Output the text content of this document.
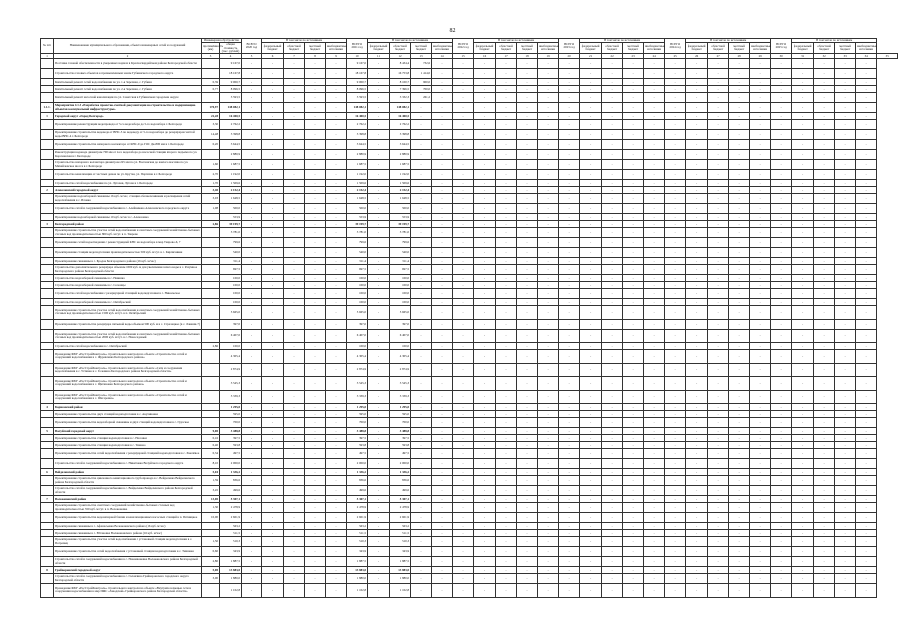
82
№ п/п	Наименование муниципального образования, объекта инженерных сетей и сооружений	Инженерная обустройства		ВСЕГО
2020 год	В том числе по источникам				ВСЕГО
2021 год	В том числе по источникам				ВСЕГО
2022 год	В том числе по источникам				ВСЕГО
2023 год	В том числе по источникам				ВСЕГО
2024 год	В том числе по источникам				ВСЕГО
2025 год	В том числе по источникам				
		протяжённость (км)	общая стоимость (тыс. рублей)																															
					федеральный бюджет	областной бюджет	местный бюджет	внебюджетные источники		федеральный бюджет	областной бюджет	местный бюджет	внебюджетные источники		федеральный бюджет	областной бюджет	местный бюджет	внебюджетные источники		федеральный бюджет	областной бюджет	местный бюджет	внебюджетные источники		федеральный бюджет	областной бюджет	местный бюджет	внебюджетные источники		федеральный бюджет	областной бюджет	местный бюджет	внебюджетные источники	
1	2	3	4	5	6	7	8	9	10	11	12	13	14	15	16	17	18	19	20	21	22	23	24	25	26	27	28	29	30	31	32	33	34	35
	Поставка газовой обеспеченности в умеренных нормах в Красногвардейском районе Белгородской области		9 167,0	-	-	-	-	-	9 167,0	-	8 434,4	732,6	-	-	-	-	-	-	-	-	-	-	-	-	-	-	-	-	-	-	-	-	-	
	Строительство газовых объектов к промышленным зонам Губкинского городского округа		18 167,8	-	-	-	-	-	18 167,8	-	16 753,8	1 414,0	-	-	-	-	-	-	-	-	-	-	-	-	-	-	-	-	-	-	-	-	-	
	Капитальный ремонт сетей водоснабжения по ул. 1-я Заречная, с. Губкин	0,39	9 000,7	-	-	-	-	-	9 000,7	-	8 100,7	900,0	-	-	-	-	-	-	-	-	-	-	-	-	-	-	-	-	-	-	-	-	-	
	Капитальный ремонт сетей водоснабжения по ул. 2-я Заречная, с. Губкин	0,77	8 096,5	-	-	-	-	-	8 096,5	-	7 396,5	700,0	-	-	-	-	-	-	-	-	-	-	-	-	-	-	-	-	-	-	-	-	-	
	Капитальный ремонт насосной канализации по ул. Советская в Губкинском городском округе		3 593,5	-	-	-	-	-	3 593,5	-	3 332,3	261,2	-	-	-	-	-	-	-	-	-	-	-	-	-	-	-	-	-	-	-	-	-	
1.1.1.	Мероприятие 4.1.3 «Разработка проектно-сметной документации на строительство и модернизацию объектов коммунальной инфраструктуры»	170,97	148 082,1	-	-	-	-	-	148 082,1	-	148 082,1	-	-	-	-	-	-	-	-	-	-	-	-	-	-	-	-	-	-	-	-	-	-	
1	Городской округ «Город Белгород»	22,28	16 400,5	-	-	-	-	-	16 400,5	-	16 400,5	-	-	-	-	-	-	-	-	-	-	-	-	-	-	-	-	-	-	-	-	-	-	
	Проектирование реконструкции водопровода от 5-го водозабора до 5-го водозабора г. Белгорода	3,30	2 762,2	-	-	-	-	-	2 762,2	-	2 762,2	-	-	-	-	-	-	-	-	-	-	-	-	-	-	-	-	-	-	-	-	-	-	
	Проектирование строительства водовода от ВНС-5 по водоводу от 5-го водозабора до резервуаров чистой воды ВНС-4 г. Белгорода	14,48	3 398,8	-	-	-	-	-	3 398,8	-	3 398,8	-	-	-	-	-	-	-	-	-	-	-	-	-	-	-	-	-	-	-	-	-	-	
	Проектирование строительства напорного коллектора от КНС-9 до ГОС Дк-800 мм в г. Белгороде	0,20	3 644,5	-	-	-	-	-	3 644,5	-	3 644,5	-	-	-	-	-	-	-	-	-	-	-	-	-	-	-	-	-	-	-	-	-	-	
	Реконструкция водовода диаметром 700 мм от 4-го водозабора до насосной станции второго подъема по ул. Корочанская в г. Белгороде		2 880,9	-	-	-	-	-	2 880,9	-	2 880,9	-	-	-	-	-	-	-	-	-	-	-	-	-	-	-	-	-	-	-	-	-	-	
	Строительство напорного коллектора диаметром 225 мм по ул. Волчанская до жилого массива по ул. Михайловское шоссе в г. Белгороде	1,60	1 687,5	-	-	-	-	-	1 687,5	-	1 687,5	-	-	-	-	-	-	-	-	-	-	-	-	-	-	-	-	-	-	-	-	-	-	
	Строительство канализации от частных домов по ул. Крутая, ул. Партизан в г. Белгороде	2,70	1 192,0	-	-	-	-	-	1 192,0	-	1 192,0	-	-	-	-	-	-	-	-	-	-	-	-	-	-	-	-	-	-	-	-	-	-	
	Строительство сетей водоснабжения по ул. Луговая, Лугова в г. Белгороде	1,70	1 509,6	-	-	-	-	-	1 509,6	-	1 509,6	-	-	-	-	-	-	-	-	-	-	-	-	-	-	-	-	-	-	-	-	-	-	
2	Алексеевский городской округ	3,40	2 152,4	-	-	-	-	-	2 152,4	-	2 152,4	-	-	-	-	-	-	-	-	-	-	-	-	-	-	-	-	-	-	-	-	-	-	
	Проектирование водозаборной скважины 16 куб. м/час, станции обезжелезивания и расширения сетей водоснабжения в с. Иловка	3,03	1 648,5	-	-	-	-	-	1 648,5	-	1 648,5	-	-	-	-	-	-	-	-	-	-	-	-	-	-	-	-	-	-	-	-	-	-	
	Строительство сетей и сооружений водоснабжения в с. Алейниково Алексеевского городского округа	1,08	500,0	-	-	-	-	-	500,0	-	500,0	-	-	-	-	-	-	-	-	-	-	-	-	-	-	-	-	-	-	-	-	-	-	
	Проектирование водозаборной скважины 10 куб. м/час в с. Алексеевка		553,9	-	-	-	-	-	553,9	-	553,9	-	-	-	-	-	-	-	-	-	-	-	-	-	-	-	-	-	-	-	-	-	-	
3	Белгородский район	2,86	39 199,7	-	-	-	-	-	39 199,7	-	39 199,7	-	-	-	-	-	-	-	-	-	-	-	-	-	-	-	-	-	-	-	-	-	-	
	Проектирование строительства участка сетей водоснабжения и очистных сооружений хозяйственно-бытовых сточных вод производительностью 800 куб. м/сут. в п. Таврово		3 781,0	-	-	-	-	-	3 781,0	-	3 781,0	-	-	-	-	-	-	-	-	-	-	-	-	-	-	-	-	-	-	-	-	-	-	
	Проектирование сетей водоотведения с реконструкцией КНС на водозаборе в мкр Таврово-6, 7		799,6	-	-	-	-	-	799,6	-	799,6	-	-	-	-	-	-	-	-	-	-	-	-	-	-	-	-	-	-	-	-	-	-	
	Проектирование станции водоподготовки производительностью 500 куб. м/сут. в с. Кирпичники		540,0	-	-	-	-	-	540,0	-	540,0	-	-	-	-	-	-	-	-	-	-	-	-	-	-	-	-	-	-	-	-	-	-	
	Проектирование скважины в с. Бродок Белгородского района (16 куб. м/час)		311,4	-	-	-	-	-	311,4	-	311,4	-	-	-	-	-	-	-	-	-	-	-	-	-	-	-	-	-	-	-	-	-	-	
	Строительство дополнительного резервуара объемом 1000 куб. м для увеличения запаса воды в с. Разумное Белгородского района Белгородской области		697,5	-	-	-	-	-	697,5	-	697,5	-	-	-	-	-	-	-	-	-	-	-	-	-	-	-	-	-	-	-	-	-	-	
	Строительство водозаборной скважины в с. Невинка		100,0	-	-	-	-	-	100,0	-	100,0	-	-	-	-	-	-	-	-	-	-	-	-	-	-	-	-	-	-	-	-	-	-	
	Строительство водозаборной скважины в с. Солонцы		100,0	-	-	-	-	-	100,0	-	100,0	-	-	-	-	-	-	-	-	-	-	-	-	-	-	-	-	-	-	-	-	-	-	
	Строительство сетей водоснабжения с резервуарной станцией водоподготовки в с. Никольское		100,0	-	-	-	-	-	100,0	-	100,0	-	-	-	-	-	-	-	-	-	-	-	-	-	-	-	-	-	-	-	-	-	-	
	Строительство водозаборной скважины в с. Октябрьский		100,0	-	-	-	-	-	100,0	-	100,0	-	-	-	-	-	-	-	-	-	-	-	-	-	-	-	-	-	-	-	-	-	-	
	Проектирование строительства участка сетей водоснабжения и очистных сооружений хозяйственно-бытовых сточных вод производительностью 1500 куб. м/сут. в п. Октябрьский		5 665,0	-	-	-	-	-	5 665,0	-	5 665,0	-	-	-	-	-	-	-	-	-	-	-	-	-	-	-	-	-	-	-	-	-	-	
	Проектирование строительства резервуара питьевой воды объемом 500 куб. м в с. Стрелецкое (в с. Лаваши-7)		397,0	-	-	-	-	-	397,0	-	397,0	-	-	-	-	-	-	-	-	-	-	-	-	-	-	-	-	-	-	-	-	-	-	
	Проектирование строительства участка сетей водоснабжения и очистных сооружений хозяйственно-бытовых сточных вод производительностью 2000 куб. м/сут. в с. Новосадовый		6 407,0	-	-	-	-	-	6 407,0	-	6 407,0	-	-	-	-	-	-	-	-	-	-	-	-	-	-	-	-	-	-	-	-	-	-	
	Строительство сетей водоснабжения в с. Октябрьский	2,86	100,0	-	-	-	-	-	100,0	-	100,0	-	-	-	-	-	-	-	-	-	-	-	-	-	-	-	-	-	-	-	-	-	-	
	Проведение ФБУ «РосСтройКонтроль» строительного контроля на объекте «Строительство сетей и сооружений водоснабжения в с. Журавлевка Белгородского района»		4 305,4	-	-	-	-	-	4 305,4	-	4 305,4	-	-	-	-	-	-	-	-	-	-	-	-	-	-	-	-	-	-	-	-	-	-	
	Проведение ФБУ «РосСтройКонтроль» строительного контроля на объекте «Сети и сооружения водоснабжения в с. Устинка и с. Головино Белгородского района Белгородской области»		2 874,9	-	-	-	-	-	2 874,9	-	2 874,9	-	-	-	-	-	-	-	-	-	-	-	-	-	-	-	-	-	-	-	-	-	-	
	Проведение ФБУ «РосСтройКонтроль» строительного контроля на объекте «Строительство сетей и сооружений водоснабжения в с. Щетиновка Белгородского района»		3 545,3	-	-	-	-	-	3 545,3	-	3 545,3	-	-	-	-	-	-	-	-	-	-	-	-	-	-	-	-	-	-	-	-	-	-	
	Проведение ФБУ «РосСтройКонтроль» строительного контроля на объекте «Строительство сетей и сооружений водоснабжения в с. Шагаровка»		3 339,3	-	-	-	-	-	3 339,3	-	3 339,3	-	-	-	-	-	-	-	-	-	-	-	-	-	-	-	-	-	-	-	-	-	-	
4	Борисовский район		1 295,0	-	-	-	-	-	1 295,0	-	1 295,0	-	-	-	-	-	-	-	-	-	-	-	-	-	-	-	-	-	-	-	-	-	-	
	Проектирование строительства двух станций водоподготовки в с. Акулиновка		595,0	-	-	-	-	-	595,0	-	595,0	-	-	-	-	-	-	-	-	-	-	-	-	-	-	-	-	-	-	-	-	-	-	
	Проектирование строительства водозаборной скважины и двух станций водоподготовки в с. Грузское		700,0	-	-	-	-	-	700,0	-	700,0	-	-	-	-	-	-	-	-	-	-	-	-	-	-	-	-	-	-	-	-	-	-	
5	Валуйский городской округ	9,00	3 488,8	-	-	-	-	-	3 488,8	-	3 488,8	-	-	-	-	-	-	-	-	-	-	-	-	-	-	-	-	-	-	-	-	-	-	
	Проектирование строительства станции водоподготовки в с. Насонки	0,16	397,5	-	-	-	-	-	397,5	-	397,5	-	-	-	-	-	-	-	-	-	-	-	-	-	-	-	-	-	-	-	-	-	-	
	Проектирование строительства станции водоподготовки в с. Тимоно	0,40	593,8	-	-	-	-	-	593,8	-	593,8	-	-	-	-	-	-	-	-	-	-	-	-	-	-	-	-	-	-	-	-	-	-	
	Проектирование строительства сетей водоснабжения с резервуарной станцией водоподготовки в с. Хмелёвое	0,34	497,5	-	-	-	-	-	497,5	-	497,5	-	-	-	-	-	-	-	-	-	-	-	-	-	-	-	-	-	-	-	-	-	-	
	Строительство сетей и сооружений водоснабжения в с. Никитовка Валуйского городского округа	8,10	2 000,0	-	-	-	-	-	2 000,0	-	2 000,0	-	-	-	-	-	-	-	-	-	-	-	-	-	-	-	-	-	-	-	-	-	-	
6	Вейделевский район	5,04	1 336,2	-	-	-	-	-	1 336,2	-	1 336,2	-	-	-	-	-	-	-	-	-	-	-	-	-	-	-	-	-	-	-	-	-	-	
	Проектирование строительства циклонного кавитационного трубопровода в с. Вейделевка Вейделевского района Белгородской области	1,59	836,6	-	-	-	-	-	836,6	-	836,6	-	-	-	-	-	-	-	-	-	-	-	-	-	-	-	-	-	-	-	-	-	-	
	Строительство сетей и сооружений водоснабжения в с. Вейделевка Вейделевского района Белгородской области	3,45	499,6	-	-	-	-	-	499,6	-	499,6	-	-	-	-	-	-	-	-	-	-	-	-	-	-	-	-	-	-	-	-	-	-	
7	Волоконовский район	13,00	5 307,1	-	-	-	-	-	5 307,1	-	5 307,1	-	-	-	-	-	-	-	-	-	-	-	-	-	-	-	-	-	-	-	-	-	-	
	Проектирование строительства очистных сооружений хозяйственно-бытовых сточных вод производительностью 350 куб. м/сут. в п. Волоконовка	1,30	2 478,9	-	-	-	-	-	2 478,9	-	2 478,9	-	-	-	-	-	-	-	-	-	-	-	-	-	-	-	-	-	-	-	-	-	-	
	Проектирование строительства водонапорной башни и канализационных насосных станций в п. Пятницкое	10,00	2 601,9	-	-	-	-	-	2 601,9	-	2 601,9	-	-	-	-	-	-	-	-	-	-	-	-	-	-	-	-	-	-	-	-	-	-	
	Проектирование скважины в с. Афанасьевка Волоконовского района (16 куб. м/час)		563,2	-	-	-	-	-	563,2	-	563,2	-	-	-	-	-	-	-	-	-	-	-	-	-	-	-	-	-	-	-	-	-	-	
	Проектирование скважины в с. Ютановка Волоконовского района (16 куб. м/час)		511,5	-	-	-	-	-	511,5	-	511,5	-	-	-	-	-	-	-	-	-	-	-	-	-	-	-	-	-	-	-	-	-	-	
	Проектирование строительства участка сетей водоснабжения с установкой станции водоподготовки в с. Погромец	1,50	510,3	-	-	-	-	-	510,3	-	510,3	-	-	-	-	-	-	-	-	-	-	-	-	-	-	-	-	-	-	-	-	-	-	
	Проектирование строительства сетей водоснабжения с установкой станции водоподготовки в с. Тишанка	0,60	343,9	-	-	-	-	-	343,9	-	343,9	-	-	-	-	-	-	-	-	-	-	-	-	-	-	-	-	-	-	-	-	-	-	
	Строительство сетей и сооружений водоснабжения в с. Новоивановка Волоконовского района Белгородской области	2,80	1 887,5	-	-	-	-	-	1 887,5	-	1 887,5	-	-	-	-	-	-	-	-	-	-	-	-	-	-	-	-	-	-	-	-	-	-	
8	Грайворонский городской округ	5,00	13 883,0	-	-	-	-	-	13 883,0	-	13 883,0	-	-	-	-	-	-	-	-	-	-	-	-	-	-	-	-	-	-	-	-	-	-	
	Строительство сетей и сооружений водоснабжения в с. Головчино Грайворонского городского округа Белгородской области	3,00	1 880,0	-	-	-	-	-	1 880,0	-	1 880,0	-	-	-	-	-	-	-	-	-	-	-	-	-	-	-	-	-	-	-	-	-	-	
	Проведение ФБУ «РосСтройКонтроль» строительного контроля на объекте «Внутрипоселковые сети и сооружения водоснабжения в мкр ИЖС «Заводской» Грайворонского района Белгородской области»		1 102,8	-	-	-	-	-	1 102,8	-	1 102,8	-	-	-	-	-	-	-	-	-	-	-	-	-	-	-	-	-	-	-	-	-	-	
